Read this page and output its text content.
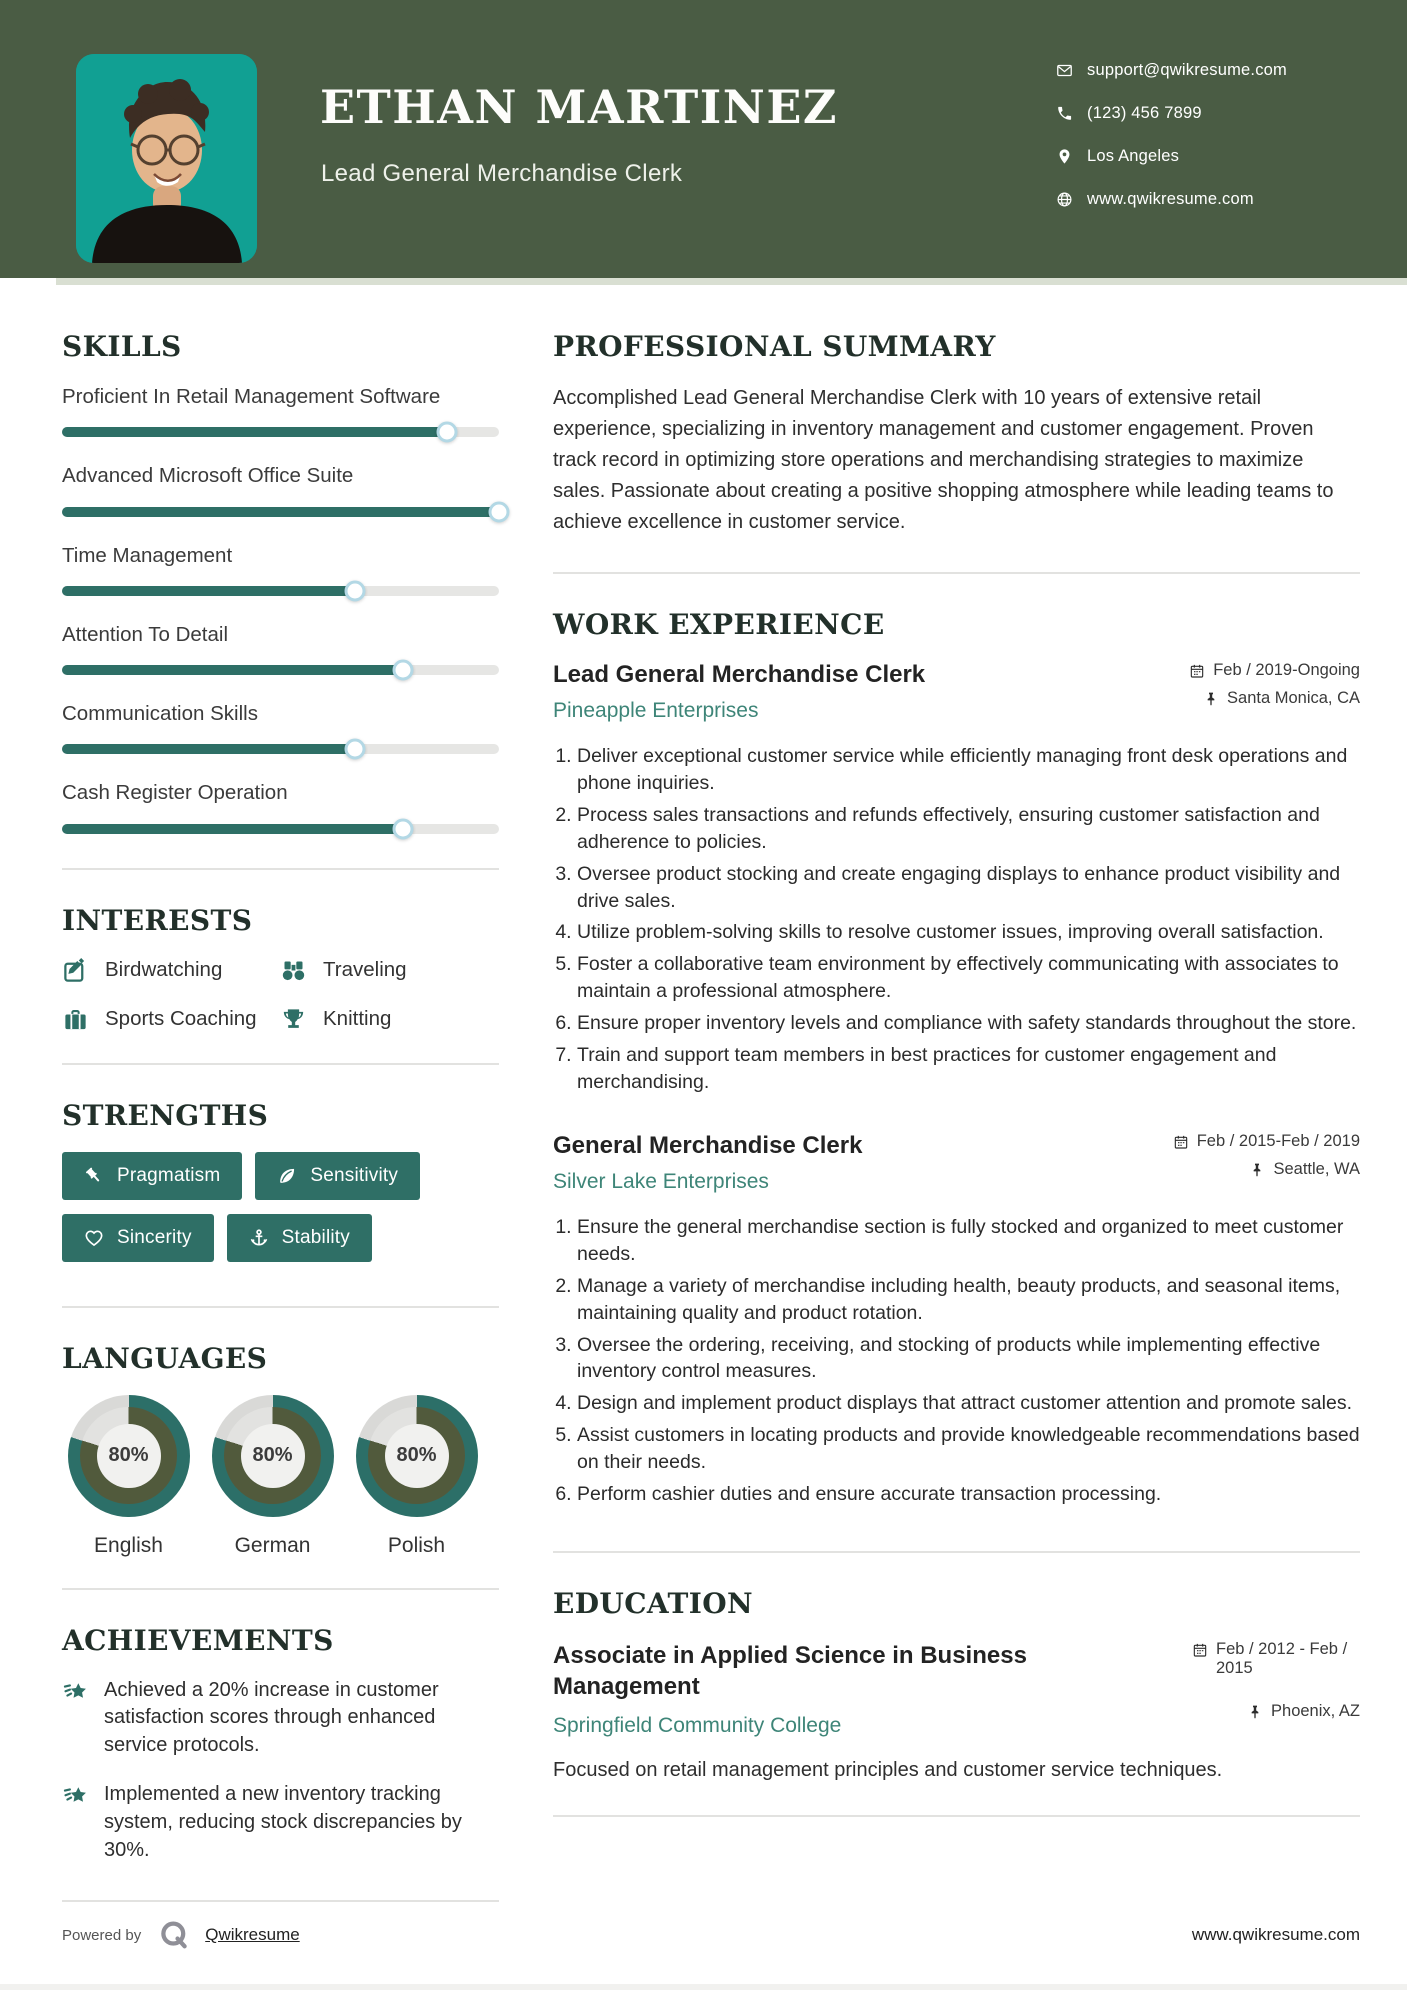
ETHAN MARTINEZ
Lead General Merchandise Clerk
support@qwikresume.com
(123) 456 7899
Los Angeles
www.qwikresume.com
SKILLS
Proficient In Retail Management Software
Advanced Microsoft Office Suite
Time Management
Attention To Detail
Communication Skills
Cash Register Operation
INTERESTS
Birdwatching	Traveling
Sports Coaching	Knitting
STRENGTHS
Pragmatism	Sensitivity
Sincerity	Stability
LANGUAGES
80%
English
80%
German
80%
Polish
ACHIEVEMENTS

Achieved a 20% increase in customer satisfaction scores through enhanced service protocols.

Implemented a new inventory tracking system, reducing stock discrepancies by 30%.

PROFESSIONAL SUMMARY

Accomplished Lead General Merchandise Clerk with 10 years of extensive retail experience, specializing in inventory management and customer engagement. Proven track record in optimizing store operations and merchandising strategies to maximize sales. Passionate about creating a positive shopping atmosphere while leading teams to achieve excellence in customer service.

WORK EXPERIENCE
Lead General Merchandise Clerk	Feb / 2019-Ongoing
Pineapple Enterprises
Santa Monica, CA
1. Deliver exceptional customer service while efficiently managing front desk operations and phone inquiries.
2. Process sales transactions and refunds effectively, ensuring customer satisfaction and adherence to policies.
3. Oversee product stocking and create engaging displays to enhance product visibility and drive sales.
4. Utilize problem-solving skills to resolve customer issues, improving overall satisfaction.
5. Foster a collaborative team environment by effectively communicating with associates to maintain a professional atmosphere.
6. Ensure proper inventory levels and compliance with safety standards throughout the store.
7. Train and support team members in best practices for customer engagement and merchandising.
General Merchandise Clerk	Feb / 2015-Feb / 2019
Silver Lake Enterprises
Seattle, WA
1. Ensure the general merchandise section is fully stocked and organized to meet customer needs.
2. Manage a variety of merchandise including health, beauty products, and seasonal items, maintaining quality and product rotation.
3. Oversee the ordering, receiving, and stocking of products while implementing effective inventory control measures.
4. Design and implement product displays that attract customer attention and promote sales.
5. Assist customers in locating products and provide knowledgeable recommendations based on their needs.
6. Perform cashier duties and ensure accurate transaction processing.
EDUCATION
Associate in Applied Science in Business Management
Feb / 2012 - Feb / 2015
Springfield Community College
Phoenix, AZ

Focused on retail management principles and customer service techniques.

Powered by	Qwikresume	www.qwikresume.com
